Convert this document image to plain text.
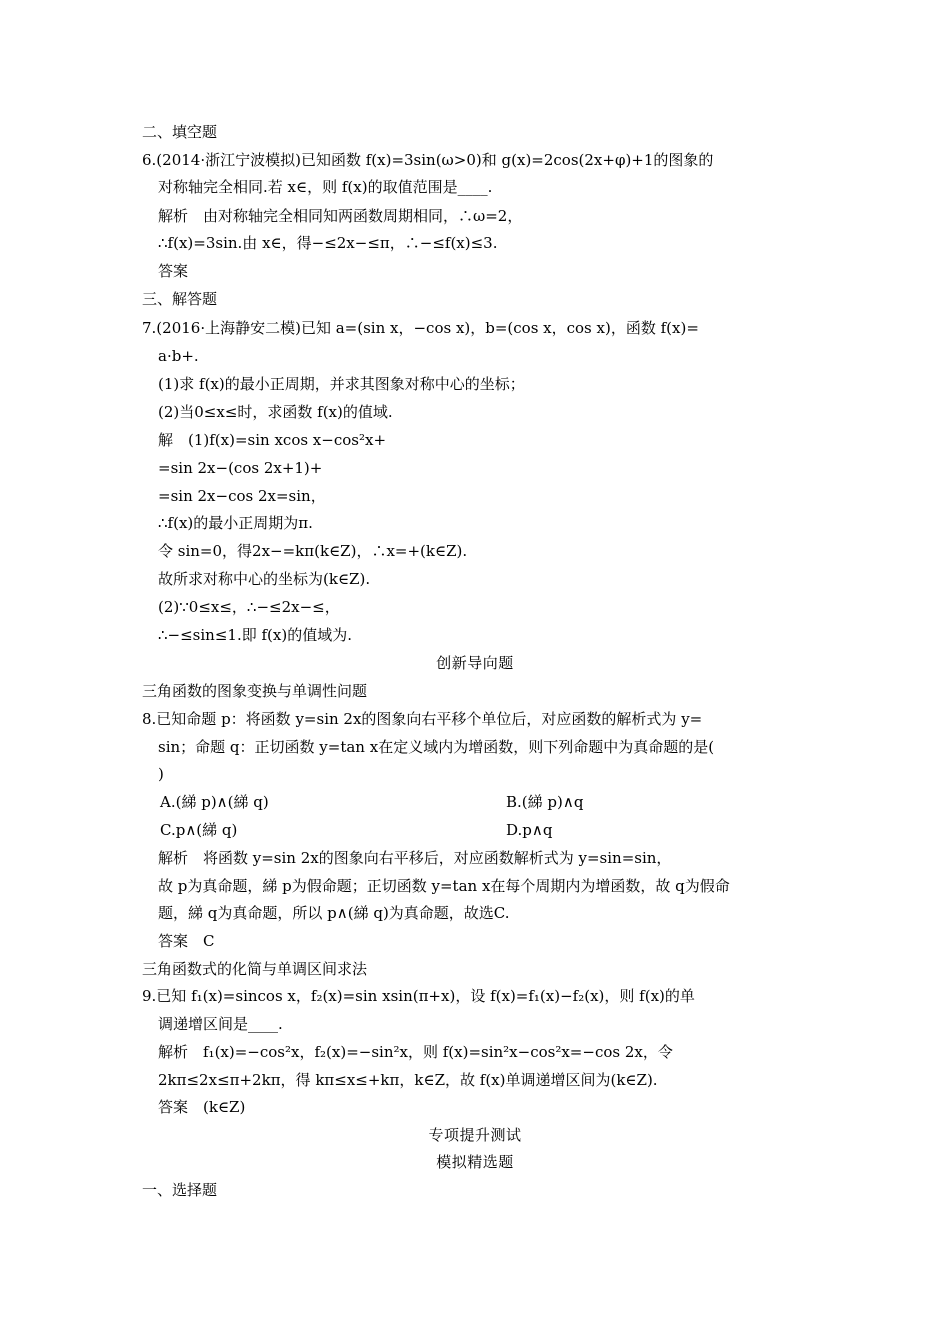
二、填空题
6.(2014·浙江宁波模拟)已知函数 f(x)=3sin(ω>0)和 g(x)=2cos(2x+φ)+1的图象的
对称轴完全相同.若 x∈，则 f(x)的取值范围是____.
解析　由对称轴完全相同知两函数周期相同，∴ω=2，
∴f(x)=3sin.由 x∈，得−≤2x−≤π，∴−≤f(x)≤3.
答案
三、解答题
7.(2016·上海静安二模)已知 a=(sin x，−cos x)，b=(cos x，cos x)，函数 f(x)=
a·b+.
(1)求 f(x)的最小正周期，并求其图象对称中心的坐标；
(2)当0≤x≤时，求函数 f(x)的值域.
解　(1)f(x)=sin xcos x−cos²x+
=sin 2x−(cos 2x+1)+
=sin 2x−cos 2x=sin，
∴f(x)的最小正周期为π.
令 sin=0，得2x−=kπ(k∈Z)，∴x=+(k∈Z).
故所求对称中心的坐标为(k∈Z).
(2)∵0≤x≤，∴−≤2x−≤，
∴−≤sin≤1.即 f(x)的值域为.
创新导向题
三角函数的图象变换与单调性问题
8.已知命题 p：将函数 y=sin 2x的图象向右平移个单位后，对应函数的解析式为 y=
sin；命题 q：正切函数 y=tan x在定义域内为增函数，则下列命题中为真命题的是(
)
A.(綈 p)∧(綈 q)	B.(綈 p)∧q
C.p∧(綈 q)	D.p∧q
解析　将函数 y=sin 2x的图象向右平移后，对应函数解析式为 y=sin=sin，
故 p为真命题，綈 p为假命题；正切函数 y=tan x在每个周期内为增函数，故 q为假命
题，綈 q为真命题，所以 p∧(綈 q)为真命题，故选C.
答案　C
三角函数式的化简与单调区间求法
9.已知 f₁(x)=sincos x，f₂(x)=sin xsin(π+x)，设 f(x)=f₁(x)−f₂(x)，则 f(x)的单
调递增区间是____.
解析　f₁(x)=−cos²x，f₂(x)=−sin²x，则 f(x)=sin²x−cos²x=−cos 2x，令
2kπ≤2x≤π+2kπ，得 kπ≤x≤+kπ，k∈Z，故 f(x)单调递增区间为(k∈Z).
答案　(k∈Z)
专项提升测试
模拟精选题
一、选择题
